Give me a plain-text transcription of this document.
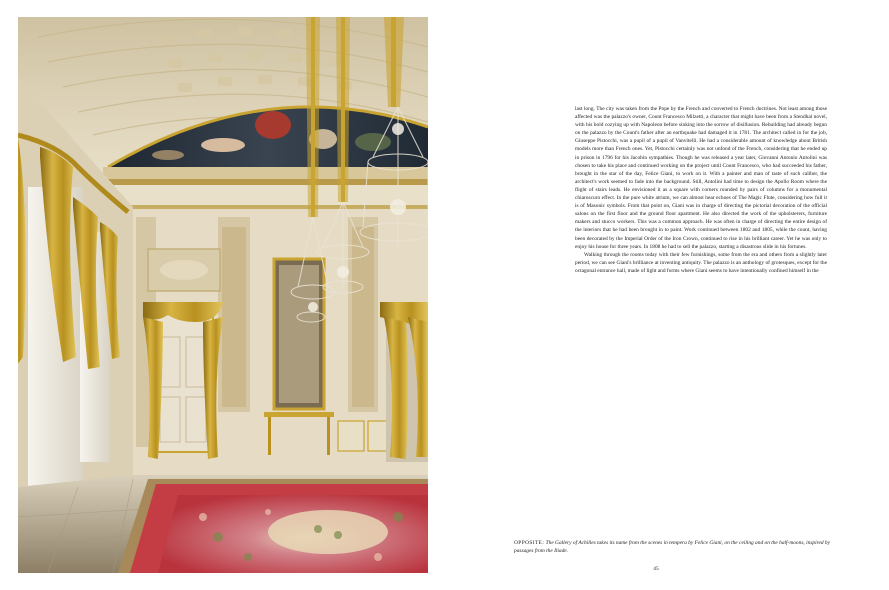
last long. The city was taken from the Pope by the French and converted to French doctrines. Not least among those affected was the palazzo's owner, Count Francesco Milzetti, a character that might have been from a Stendhal novel, with his bold cozying up with Napoleon before sinking into the sorrow of disillusion. Rebuilding had already begun on the palazzo by the Count's father after an earthquake had damaged it in 1781. The architect called in for the job, Giuseppe Pistocchi, was a pupil of a pupil of Vanvitelli. He had a considerable amount of knowledge about British models more than French ones. Yet, Pistocchi certainly was not unfond of the French, considering that he ended up in prison in 1796 for his Jacobin sympathies. Though he was released a year later, Giovanni Antonio Antolini was chosen to take his place and continued working on the project until Count Francesco, who had succeeded his father, brought in the star of the day, Felice Giani, to work on it. With a painter and man of taste of such caliber, the architect's work seemed to fade into the background. Still, Antolini had time to design the Apollo Room where the flight of stairs leads. He envisioned it as a square with corners rounded by pairs of columns for a monumental chiaroscuro effect. In the pure white atrium, we can almost hear echoes of The Magic Flute, considering how full it is of Masonic symbols. From that point on, Giani was in charge of directing the pictorial decoration of the official salons on the first floor and the ground floor apartment. He also directed the work of the upholsterers, furniture makers and stucco workers. This was a common approach. He was often in charge of directing the entire design of the interiors that he had been brought in to paint. Work continued between 1802 and 1805, while the count, having been decorated by the Imperial Order of the Iron Crown, continued to rise in his brilliant career. Yet he was only to enjoy his house for three years. In 1808 he had to sell the palazzo, starting a disastrous slide in his fortunes.

Walking through the rooms today with their few furnishings, some from the era and others from a slightly later period, we can see Giani's brilliance at inventing antiquity. The palazzo is an anthology of grotesques, except for the octagonal entrance hall, made of light and forms where Giani seems to have intentionally confined himself in the

OPPOSITE: The Gallery of Achilles takes its name from the scenes in tempera by Felice Giani, on the ceiling and on the half-moons, inspired by passages from the Iliade.
45
